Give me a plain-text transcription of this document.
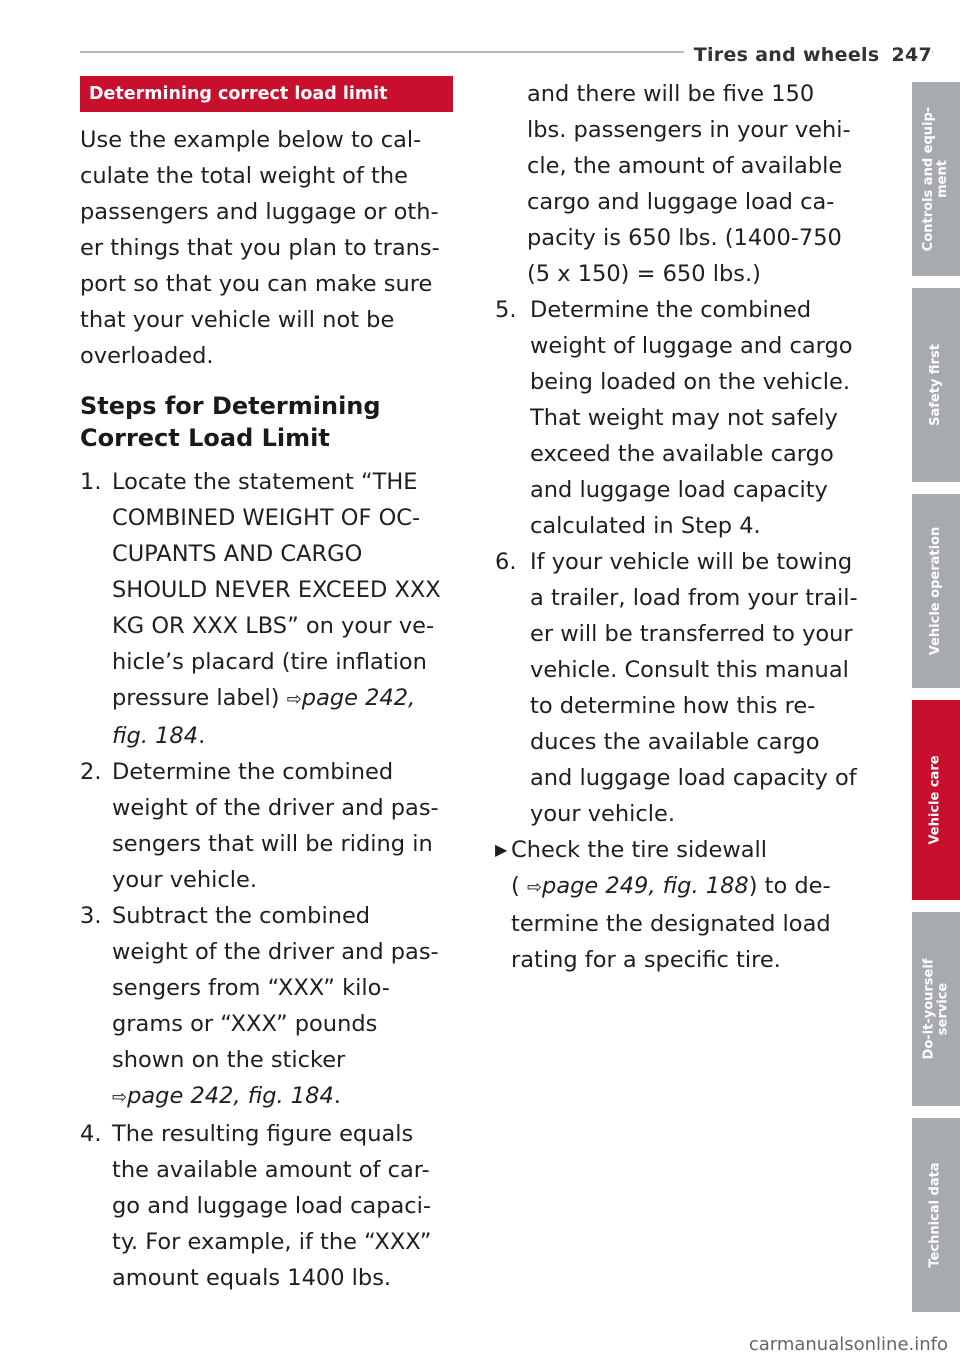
Tires and wheels 247
Determining correct load limit
Use the example below to cal-
culate the total weight of the
passengers and luggage or oth-
er things that you plan to trans-
port so that you can make sure
that your vehicle will not be
overloaded.
Steps for Determining
Correct Load Limit
1. Locate the statement “THE
COMBINED WEIGHT OF OC-
CUPANTS AND CARGO
SHOULD NEVER EXCEED XXX
KG OR XXX LBS” on your ve-
hicle’s placard (tire inflation
pressure label) ⇨page 242,
fig. 184.
2. Determine the combined
weight of the driver and pas-
sengers that will be riding in
your vehicle.
3. Subtract the combined
weight of the driver and pas-
sengers from “XXX” kilo-
grams or “XXX” pounds
shown on the sticker
⇨page 242, fig. 184.
4. The resulting figure equals
the available amount of car-
go and luggage load capaci-
ty. For example, if the “XXX”
amount equals 1400 lbs.
and there will be five 150
lbs. passengers in your vehi-
cle, the amount of available
cargo and luggage load ca-
pacity is 650 lbs. (1400-750
(5 x 150) = 650 lbs.)
5. Determine the combined
weight of luggage and cargo
being loaded on the vehicle.
That weight may not safely
exceed the available cargo
and luggage load capacity
calculated in Step 4.
6. If your vehicle will be towing
a trailer, load from your trail-
er will be transferred to your
vehicle. Consult this manual
to determine how this re-
duces the available cargo
and luggage load capacity of
your vehicle.
▶ Check the tire sidewall
( ⇨page 249, fig. 188) to de-
termine the designated load
rating for a specific tire.
Controls and equip-
ment
Safety first
Vehicle operation
Vehicle care
Do-it-yourself
service
Technical data
carmanualsonline.info
